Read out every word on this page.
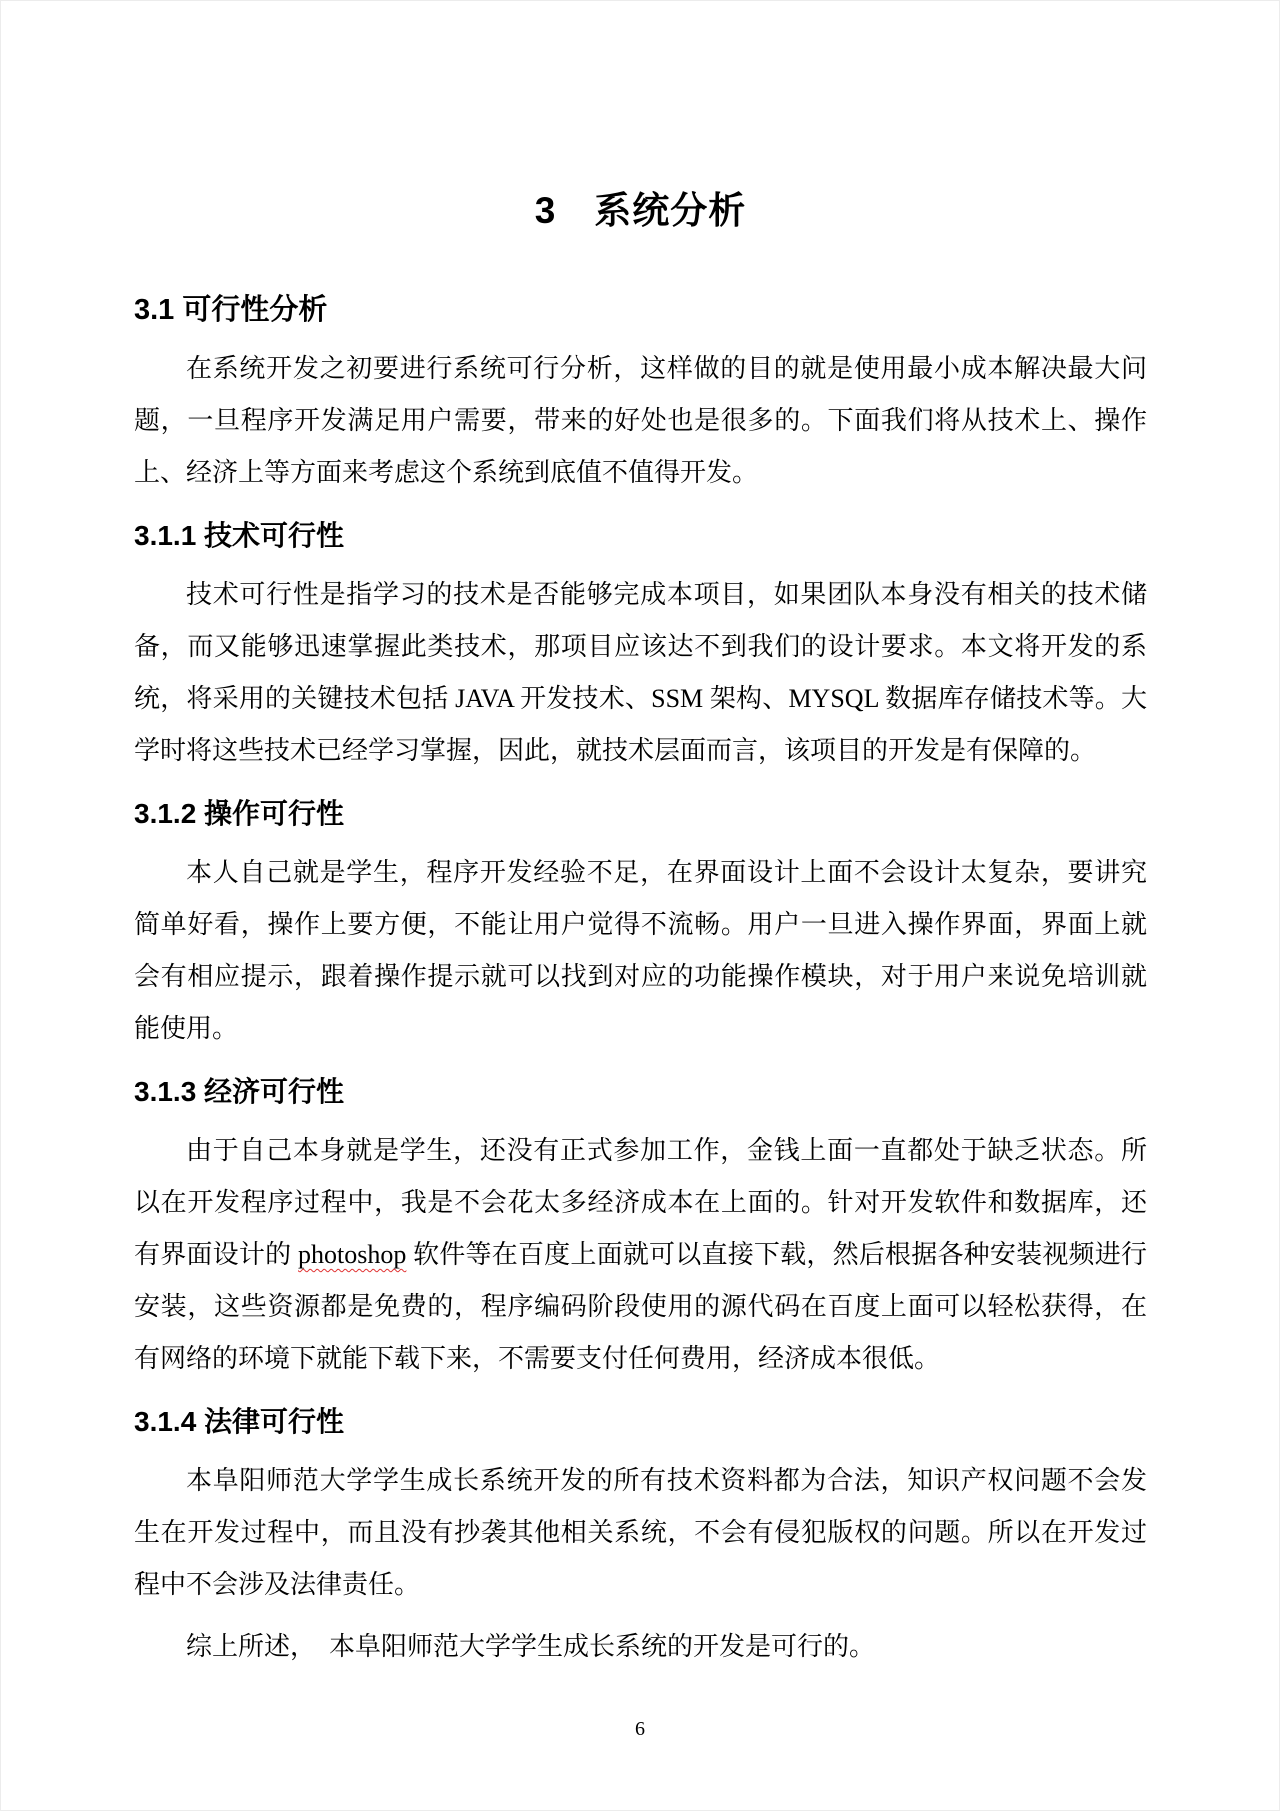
3　系统分析
3.1 可行性分析

在系统开发之初要进行系统可行分析，这样做的目的就是使用最小成本解决最大问题，一旦程序开发满足用户需要，带来的好处也是很多的。下面我们将从技术上、操作上、经济上等方面来考虑这个系统到底值不值得开发。

3.1.1 技术可行性

技术可行性是指学习的技术是否能够完成本项目，如果团队本身没有相关的技术储备，而又能够迅速掌握此类技术，那项目应该达不到我们的设计要求。本文将开发的系统，将采用的关键技术包括 JAVA 开发技术、SSM 架构、MYSQL 数据库存储技术等。大学时将这些技术已经学习掌握，因此，就技术层面而言，该项目的开发是有保障的。

3.1.2 操作可行性

本人自己就是学生，程序开发经验不足，在界面设计上面不会设计太复杂，要讲究简单好看，操作上要方便，不能让用户觉得不流畅。用户一旦进入操作界面，界面上就会有相应提示，跟着操作提示就可以找到对应的功能操作模块，对于用户来说免培训就能使用。

3.1.3 经济可行性

由于自己本身就是学生，还没有正式参加工作，金钱上面一直都处于缺乏状态。所以在开发程序过程中，我是不会花太多经济成本在上面的。针对开发软件和数据库，还有界面设计的 photoshop 软件等在百度上面就可以直接下载，然后根据各种安装视频进行安装，这些资源都是免费的，程序编码阶段使用的源代码在百度上面可以轻松获得，在有网络的环境下就能下载下来，不需要支付任何费用，经济成本很低。

3.1.4 法律可行性

本阜阳师范大学学生成长系统开发的所有技术资料都为合法，知识产权问题不会发生在开发过程中，而且没有抄袭其他相关系统，不会有侵犯版权的问题。所以在开发过程中不会涉及法律责任。

综上所述，　本阜阳师范大学学生成长系统的开发是可行的。

6
